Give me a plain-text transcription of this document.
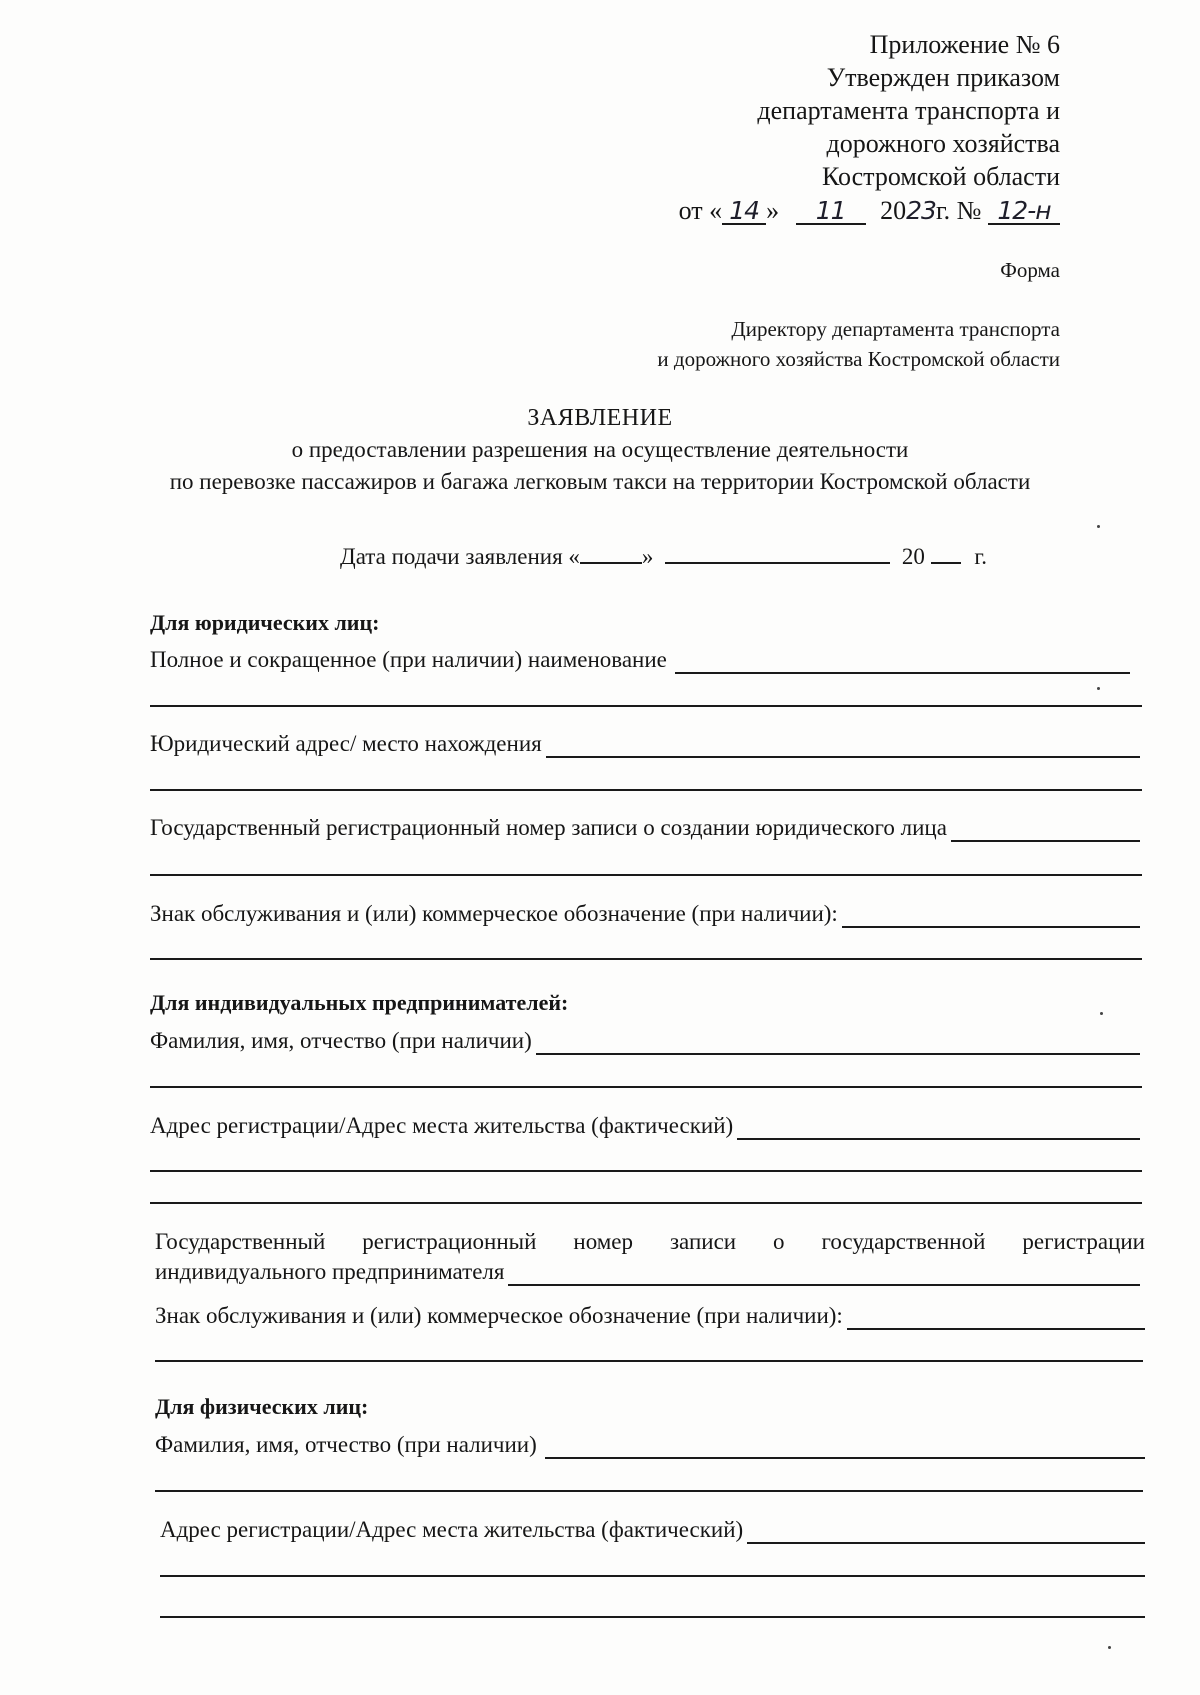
Приложение № 6
Утвержден приказом
департамента транспорта и
дорожного хозяйства
Костромской области
от « 14 » 11 2023г. № 12-н
Форма
Директору департамента транспорта
и дорожного хозяйства Костромской области
ЗАЯВЛЕНИЕ
о предоставлении разрешения на осуществление деятельности
по перевозке пассажиров и багажа легковым такси на территории Костромской области
Дата подачи заявления «	»	20 г.
Для юридических лиц:
Полное и сокращенное (при наличии) наименование
Юридический адрес/ место нахождения
Государственный регистрационный номер записи о создании юридического лица
Знак обслуживания и (или) коммерческое обозначение (при наличии):
Для индивидуальных предпринимателей:
Фамилия, имя, отчество (при наличии)
Адрес регистрации/Адрес места жительства (фактический)
Государственный регистрационный номер записи о государственной регистрации
индивидуального предпринимателя
Знак обслуживания и (или) коммерческое обозначение (при наличии):
Для физических лиц:
Фамилия, имя, отчество (при наличии)
Адрес регистрации/Адрес места жительства (фактический)
